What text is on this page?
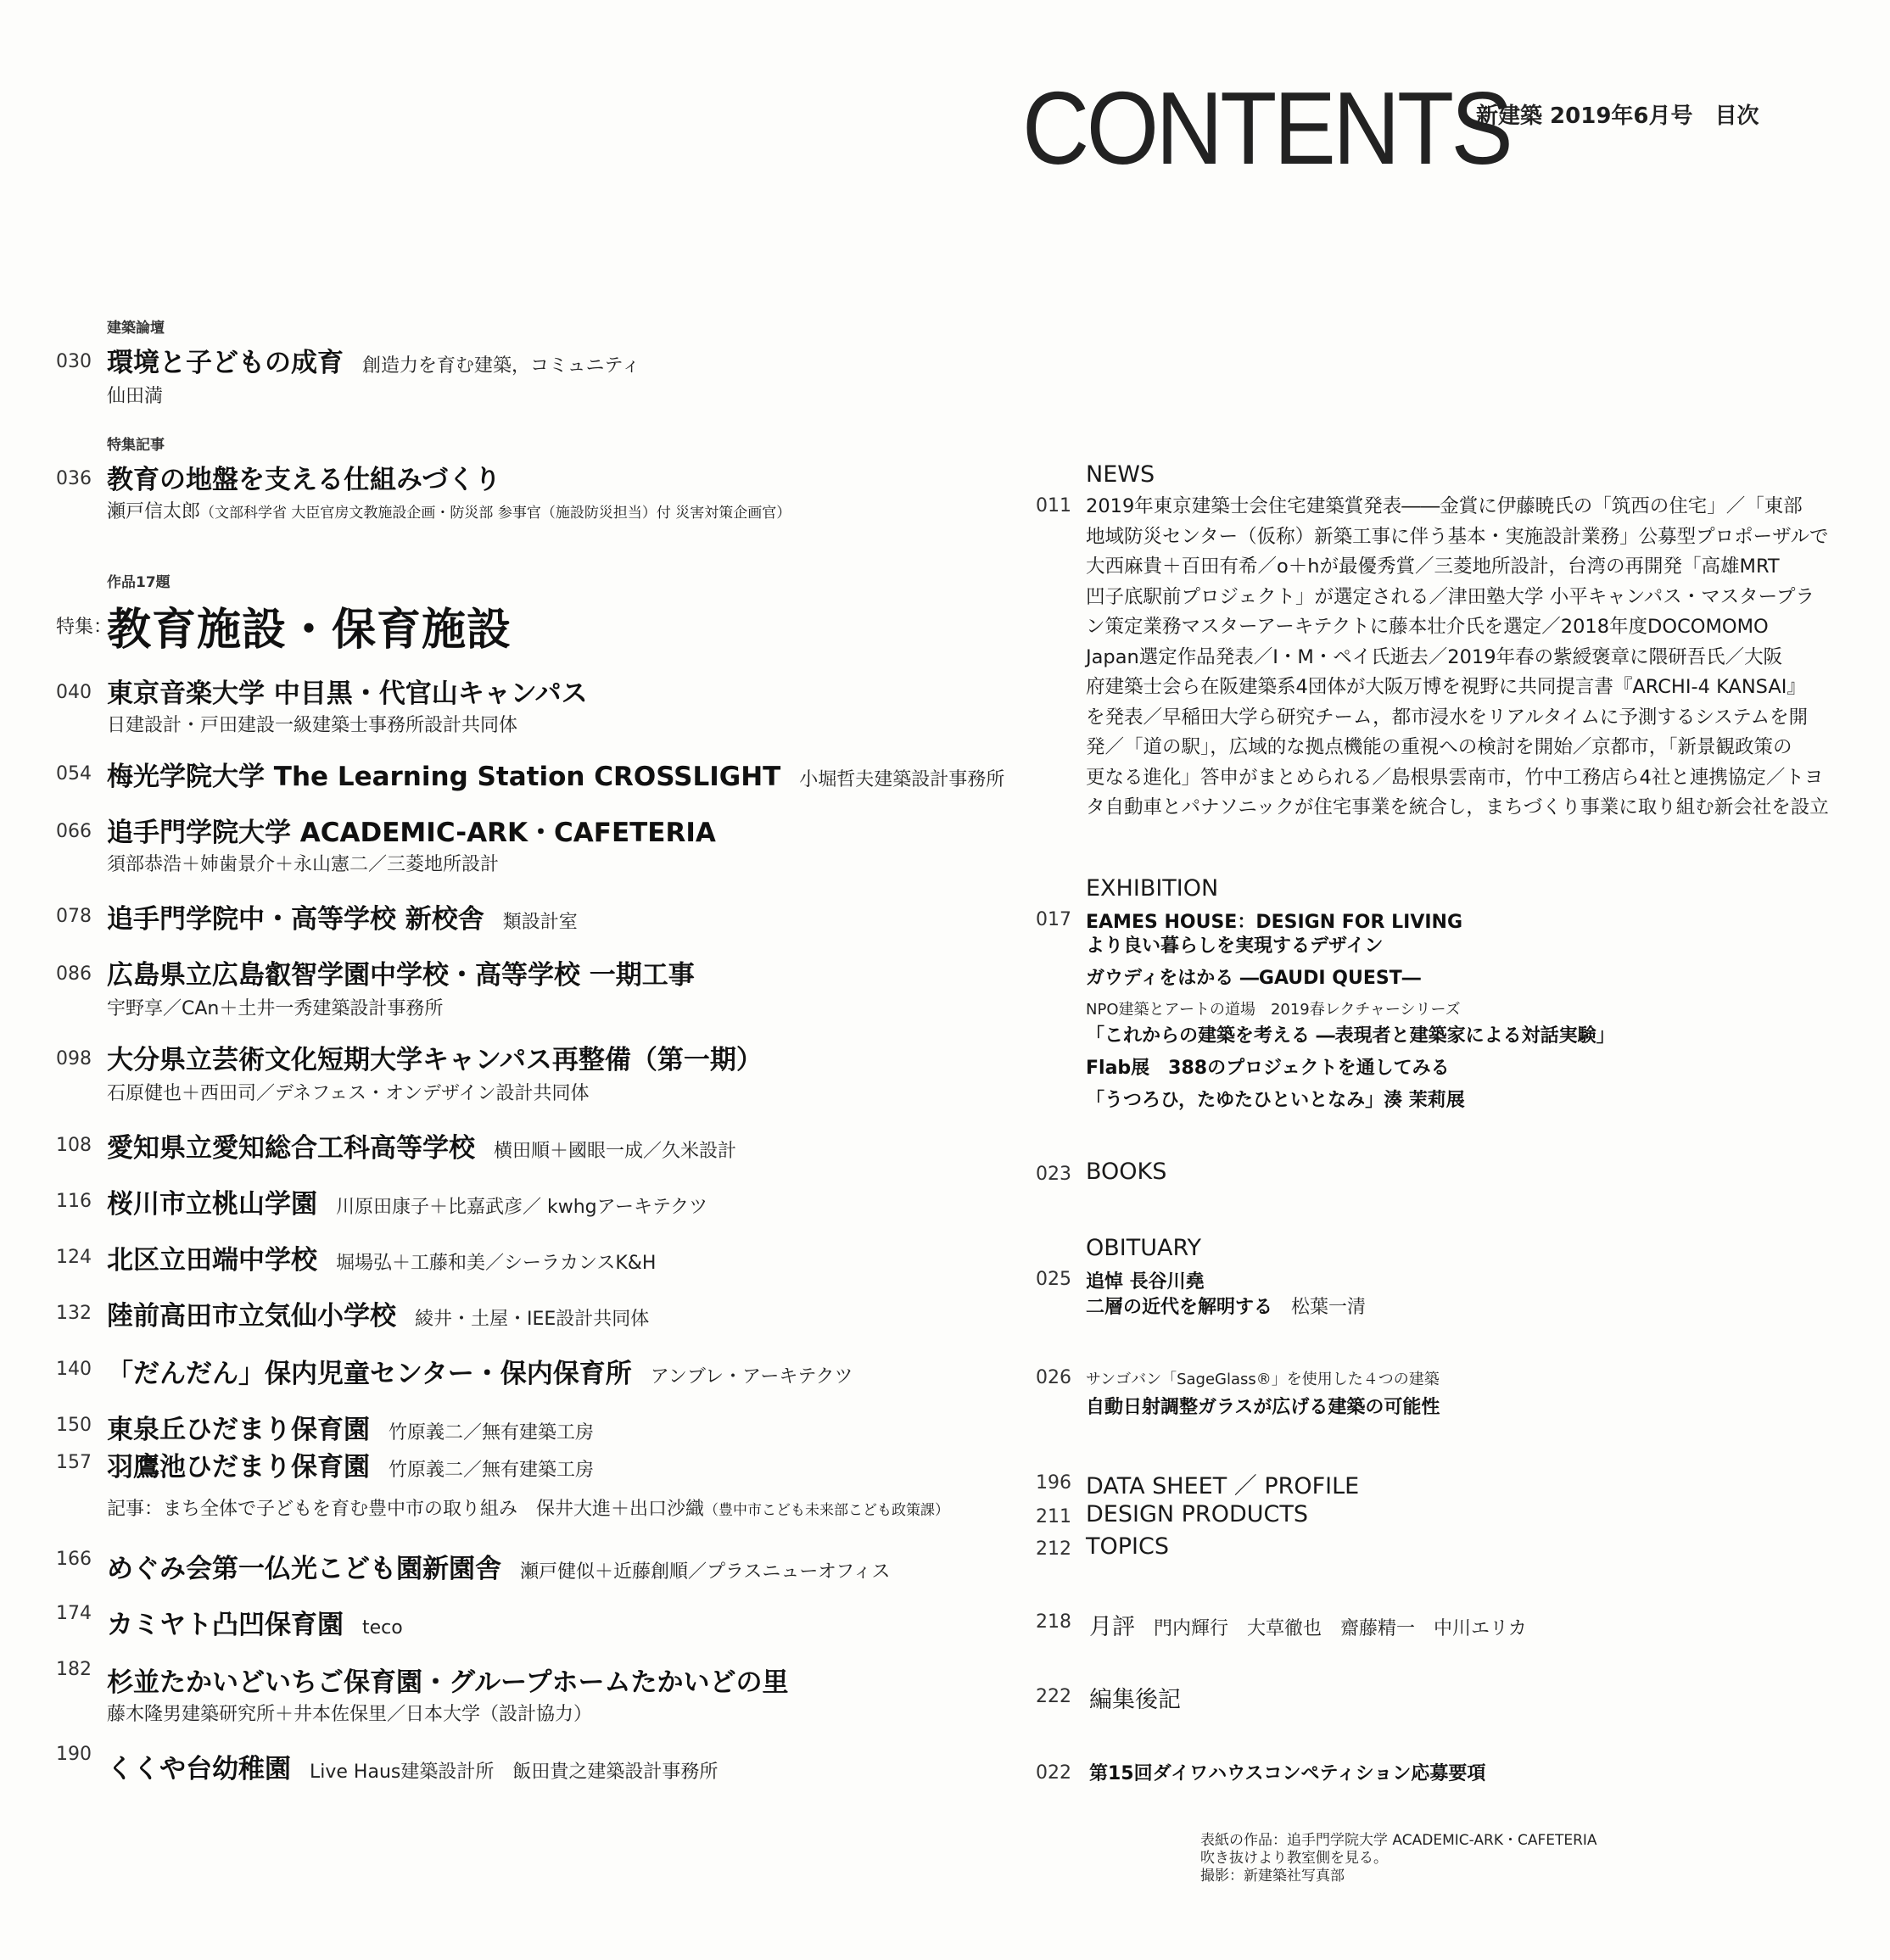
CONTENTS
新建築 2019年6月号　目次
建築論壇
030 環境と子どもの成育 創造力を育む建築，コミュニティ
仙田満
特集記事
036 教育の地盤を支える仕組みづくり
瀬戸信太郎（文部科学省 大臣官房文教施設企画・防災部 参事官（施設防災担当）付 災害対策企画官）
作品17題
特集：
教育施設・保育施設
040 東京音楽大学 中目黒・代官山キャンパス
日建設計・戸田建設一級建築士事務所設計共同体
054 梅光学院大学 The Learning Station CROSSLIGHT 小堀哲夫建築設計事務所
066 追手門学院大学 ACADEMIC-ARK・CAFETERIA
須部恭浩＋姉歯景介＋永山憲二／三菱地所設計
078 追手門学院中・高等学校 新校舎 類設計室
086 広島県立広島叡智学園中学校・高等学校 一期工事
宇野享／CAn＋土井一秀建築設計事務所
098 大分県立芸術文化短期大学キャンパス再整備（第一期）
石原健也＋西田司／デネフェス・オンデザイン設計共同体
108 愛知県立愛知総合工科高等学校 横田順＋國眼一成／久米設計
116 桜川市立桃山学園 川原田康子＋比嘉武彦／ kwhgアーキテクツ
124 北区立田端中学校 堀場弘＋工藤和美／シーラカンスK&H
132 陸前高田市立気仙小学校 綾井・土屋・IEE設計共同体
140 「だんだん」保内児童センター・保内保育所 アンブレ・アーキテクツ
150 東泉丘ひだまり保育園 竹原義二／無有建築工房
157 羽鷹池ひだまり保育園 竹原義二／無有建築工房
記事：まち全体で子どもを育む豊中市の取り組み 保井大進＋出口沙織（豊中市こども未来部こども政策課）
166 めぐみ会第一仏光こども園新園舎 瀬戸健似＋近藤創順／プラスニューオフィス
174 カミヤト凸凹保育園 teco
182 杉並たかいどいちご保育園・グループホームたかいどの里
藤木隆男建築研究所＋井本佐保里／日本大学（設計協力）
190 くくや台幼稚園 Live Haus建築設計所　飯田貴之建築設計事務所
NEWS
011 2019年東京建築士会住宅建築賞発表――金賞に伊藤暁氏の「筑西の住宅」／「東部
地域防災センター（仮称）新築工事に伴う基本・実施設計業務」公募型プロポーザルで
大西麻貴＋百田有希／o＋hが最優秀賞／三菱地所設計，台湾の再開発「高雄MRT
凹子底駅前プロジェクト」が選定される／津田塾大学 小平キャンパス・マスタープラ
ン策定業務マスターアーキテクトに藤本壮介氏を選定／2018年度DOCOMOMO
Japan選定作品発表／I・M・ペイ氏逝去／2019年春の紫綬褒章に隈研吾氏／大阪
府建築士会ら在阪建築系4団体が大阪万博を視野に共同提言書『ARCHI-4 KANSAI』
を発表／早稲田大学ら研究チーム，都市浸水をリアルタイムに予測するシステムを開
発／「道の駅」，広域的な拠点機能の重視への検討を開始／京都市，「新景観政策の
更なる進化」答申がまとめられる／島根県雲南市，竹中工務店ら4社と連携協定／トヨ
タ自動車とパナソニックが住宅事業を統合し，まちづくり事業に取り組む新会社を設立
EXHIBITION
017 EAMES HOUSE：DESIGN FOR LIVING
より良い暮らしを実現するデザイン
ガウディをはかる ―GAUDI QUEST―
NPO建築とアートの道場　2019春レクチャーシリーズ
「これからの建築を考える ―表現者と建築家による対話実験」
Flab展　388のプロジェクトを通してみる
「うつろひ，たゆたひといとなみ」湊 茉莉展
023 BOOKS
OBITUARY
025 追悼 長谷川堯
二層の近代を解明する 松葉一清
026 サンゴバン「SageGlass®」を使用した４つの建築
自動日射調整ガラスが広げる建築の可能性
196 DATA SHEET ／ PROFILE
211 DESIGN PRODUCTS
212 TOPICS
218 月評 門内輝行　大草徹也　齋藤精一　中川エリカ
222 編集後記
022 第15回ダイワハウスコンペティション応募要項
表紙の作品：追手門学院大学 ACADEMIC-ARK・CAFETERIA
吹き抜けより教室側を見る。
撮影：新建築社写真部
